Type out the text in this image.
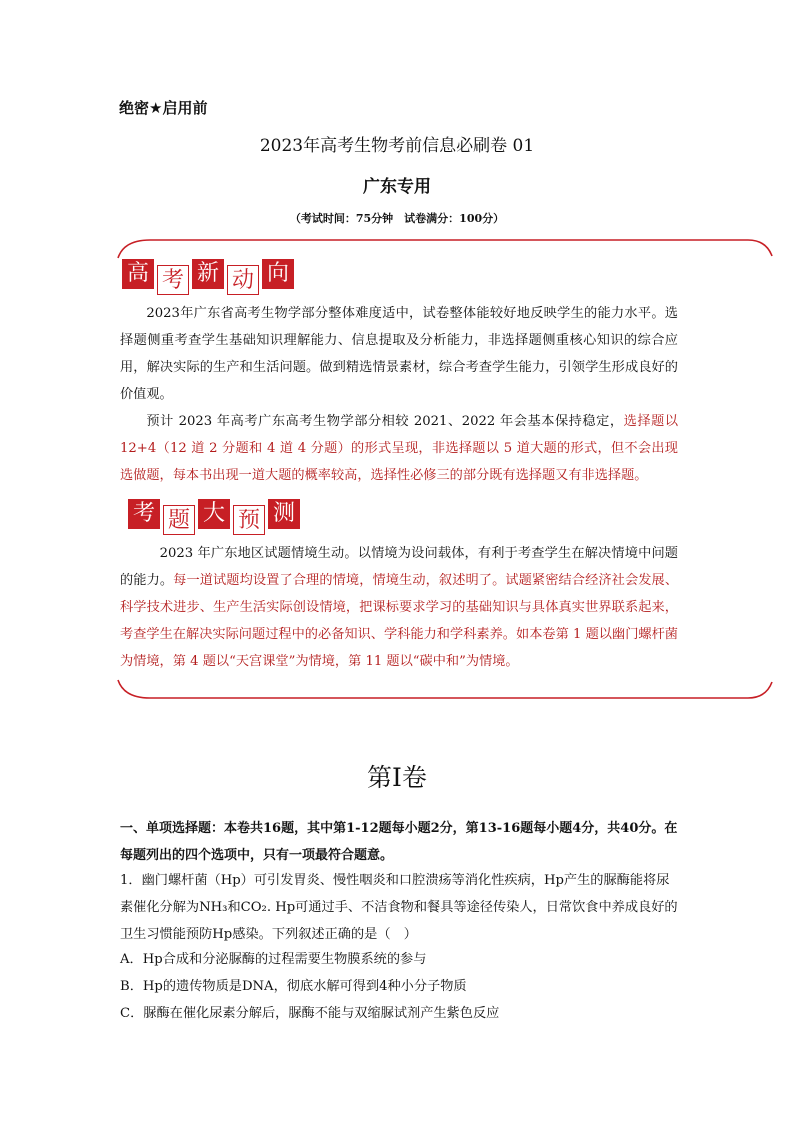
绝密★启用前
2023年高考生物考前信息必刷卷 01
广东专用
（考试时间：75分钟　试卷满分：100分）
高 考 新 动 向
2023年广东省高考生物学部分整体难度适中，试卷整体能较好地反映学生的能力水平。选择题侧重考查学生基础知识理解能力、信息提取及分析能力，非选择题侧重核心知识的综合应用，解决实际的生产和生活问题。做到精选情景素材，综合考查学生能力，引领学生形成良好的价值观。
预计 2023 年高考广东高考生物学部分相较 2021、2022 年会基本保持稳定，选择题以 12+4（12 道 2 分题和 4 道 4 分题）的形式呈现，非选择题以 5 道大题的形式，但不会出现选做题，每本书出现一道大题的概率较高，选择性必修三的部分既有选择题又有非选择题。
考 题 大 预 测
2023 年广东地区试题情境生动。以情境为设问载体，有利于考查学生在解决情境中问题的能力。每一道试题均设置了合理的情境，情境生动，叙述明了。试题紧密结合经济社会发展、科学技术进步、生产生活实际创设情境，把课标要求学习的基础知识与具体真实世界联系起来，考查学生在解决实际问题过程中的必备知识、学科能力和学科素养。如本卷第 1 题以幽门螺杆菌为情境，第 4 题以“天宫课堂”为情境，第 11 题以“碳中和”为情境。
第Ⅰ卷
一、单项选择题：本卷共16题，其中第1-12题每小题2分，第13-16题每小题4分，共40分。在每题列出的四个选项中，只有一项最符合题意。
1．幽门螺杆菌（Hp）可引发胃炎、慢性咽炎和口腔溃疡等消化性疾病，Hp产生的脲酶能将尿素催化分解为NH₃和CO₂. Hp可通过手、不洁食物和餐具等途径传染人，日常饮食中养成良好的卫生习惯能预防Hp感染。下列叙述正确的是（　）
A．Hp合成和分泌脲酶的过程需要生物膜系统的参与
B．Hp的遗传物质是DNA，彻底水解可得到4种小分子物质
C．脲酶在催化尿素分解后，脲酶不能与双缩脲试剂产生紫色反应
